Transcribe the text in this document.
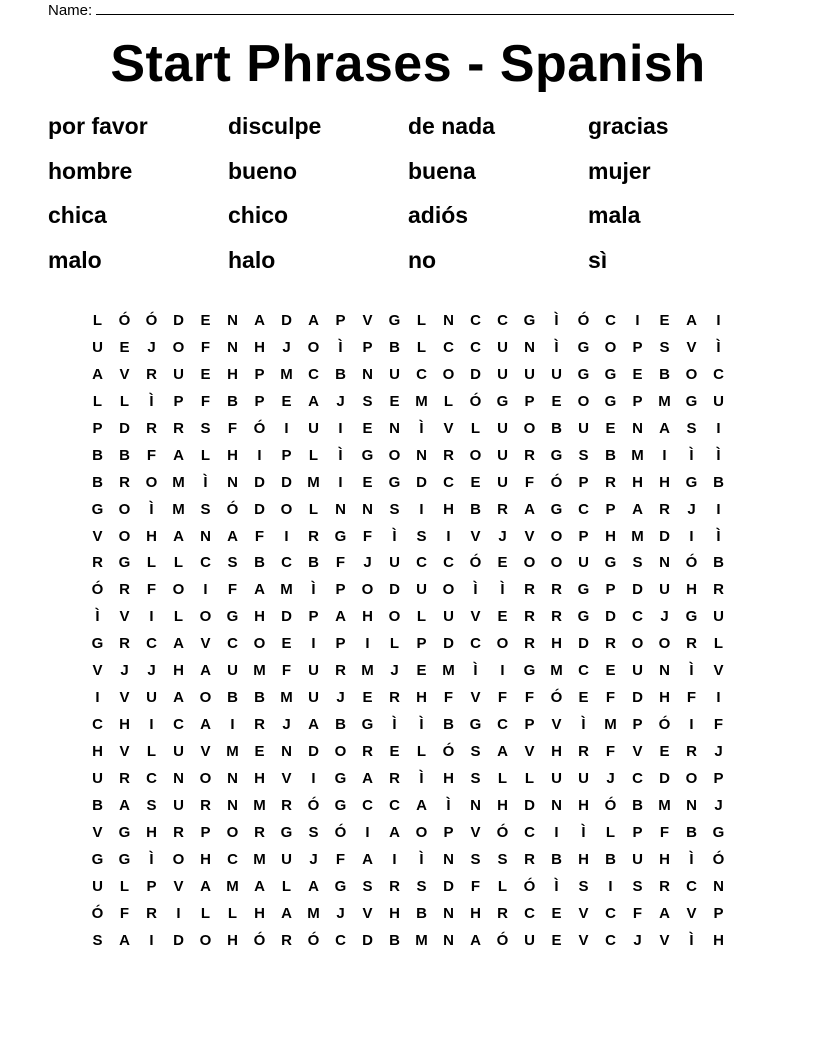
Name:
Start Phrases - Spanish
por favor	disculpe	de nada	gracias
hombre	bueno	buena	mujer
chica	chico	adiós	mala
malo	halo	no	sì
L	Ó	Ó	D	E	N	A	D	A	P	V	G	L	N	C	C	G	Ì	Ó	C	I	E	A	I
U	E	J	O	F	N	H	J	O	Ì	P	B	L	C	C	U	N	Ì	G	O	P	S	V	Ì
A	V	R	U	E	H	P	M	C	B	N	U	C	O	D	U	U	U	G	G	E	B	O	C
L	L	Ì	P	F	B	P	E	A	J	S	E	M	L	Ó	G	P	E	O	G	P	M G	U
P	D	R	R	S	F	Ó	I	U	I	E	N	Ì	V	L	U	O	B	U	E	N	A	S	I
B	B	F	A	L	H	I	P	L	Ì	G	O	N	R	O	U	R	G	S	B	M	I	Ì	Ì
B	R	O M	Ì	N	D	D	M	I	E	G	D	C	E	U	F	Ó	P	R	H	H	G	B
G	O	Ì	M	S	Ó	D	O	L	N	N	S	I	H	B	R	A	G	C	P	A	R	J	I
V	O	H	A	N	A	F	I	R	G	F	Ì	S	I	V	J	V	O	P	H	M	D	I	Ì
R	G	L	L	C	S	B	C	B	F	J	U	C	C	Ó	E	O	O	U	G	S	N	Ó	B
Ó	R	F	O	I	F	A	M	Ì	P	O	D	U	O	Ì	Ì	R	R	G	P	D	U	H	R
Ì	V	I	L	O	G	H	D	P	A	H	O	L	U	V	E	R	R	G	D	C	J	G	U
G	R	C	A	V	C	O	E	I	P	I	L	P	D	C	O	R	H	D	R	O	O	R	L
V	J	J	H	A	U	M	F	U	R	M	J	E	M	Ì	I	G M	C	E	U	N	Ì	V
I	V	U	A	O	B	B	M	U	J	E	R	H	F	V	F	F	Ó	E	F	D	H	F	I
C	H	I	C	A	I	R	J	A	B	G	Ì	Ì	B	G	C	P	V	Ì	M	P	Ó	I	F
H	V	L	U	V	M	E	N	D	O	R	E	L	Ó	S	A	V	H	R	F	V	E	R	J
U	R	C	N	O	N	H	V	I	G	A	R	Ì	H	S	L	L	U	U	J	C	D	O	P
B	A	S	U	R	N	M	R	Ó	G	C	C	A	Ì	N	H	D	N	H	Ó	B	M	N	J
V	G	H	R	P	O	R	G	S	Ó	I	A	O	P	V	Ó	C	I	Ì	L	P	F	B	G
G	G	Ì	O	H	C	M	U	J	F	A	I	Ì	N	S	S	R	B	H	B	U	H	Ì	Ó
U	L	P	V	A	M	A	L	A	G	S	R	S	D	F	L	Ó	Ì	S	I	S	R	C	N
Ó	F	R	I	L	L	H	A	M	J	V	H	B	N	H	R	C	E	V	C	F	A	V	P
S	A	I	D	O	H	Ó	R	Ó	C	D	B	M	N	A	Ó	U	E	V	C	J	V	Ì	H
